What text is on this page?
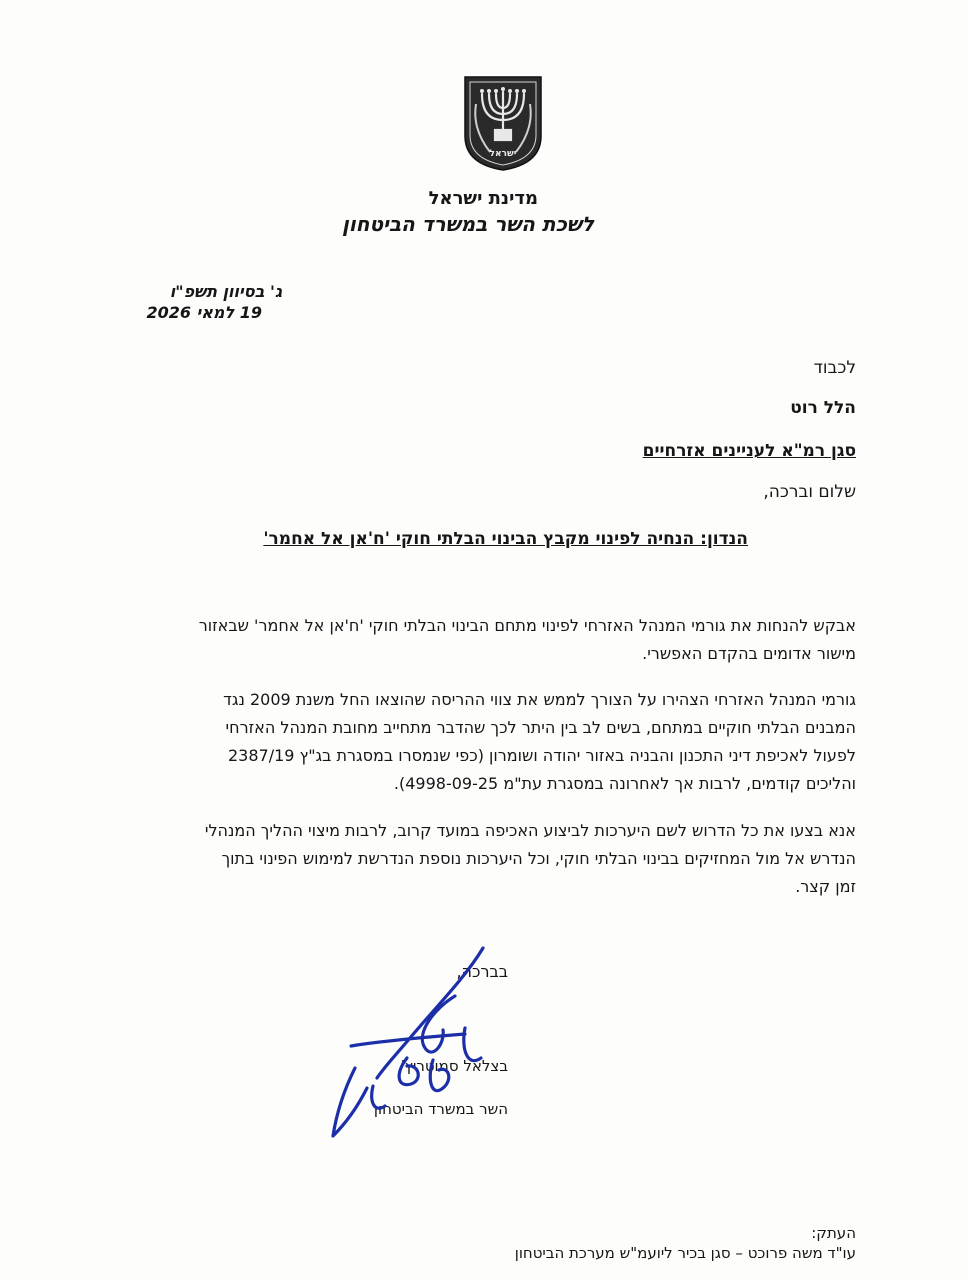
ישראל
מדינת ישראל
לשכת השר במשרד הביטחון
ג' בסיוון תשפ"ו
19 למאי 2026
לכבוד
הלל רוט
סגן רמ"א לעניינים אזרחיים
שלום וברכה,
הנדון: הנחיה לפינוי מקבץ הבינוי הבלתי חוקי 'ח'אן אל אחמר'
אבקש להנחות את גורמי המנהל האזרחי לפינוי מתחם הבינוי הבלתי חוקי 'ח'אן אל אחמר' שבאזור
מישור אדומים בהקדם האפשרי.
גורמי המנהל האזרחי הצהירו על הצורך לממש את צווי ההריסה שהוצאו החל משנת 2009 נגד
המבנים הבלתי חוקיים במתחם, בשים לב בין היתר לכך שהדבר מתחייב מחובת המנהל האזרחי
לפעול לאכיפת דיני התכנון והבניה באזור יהודה ושומרון (כפי שנמסרו במסגרת בג"ץ 2387/19
והליכים קודמים, לרבות אך לאחרונה במסגרת עת"מ 4998-09-25).
אנא בצעו את כל הדרוש לשם היערכות לביצוע האכיפה במועד קרוב, לרבות מיצוי ההליך המנהלי
הנדרש אל מול המחזיקים בבינוי הבלתי חוקי, וכל היערכות נוספת הנדרשת למימוש הפינוי בתוך
זמן קצר.
בברכה,
בצלאל סמוטריץ'
השר במשרד הביטחון
העתק:
עו"ד משה פרוכט – סגן בכיר ליועמ"ש מערכת הביטחון
